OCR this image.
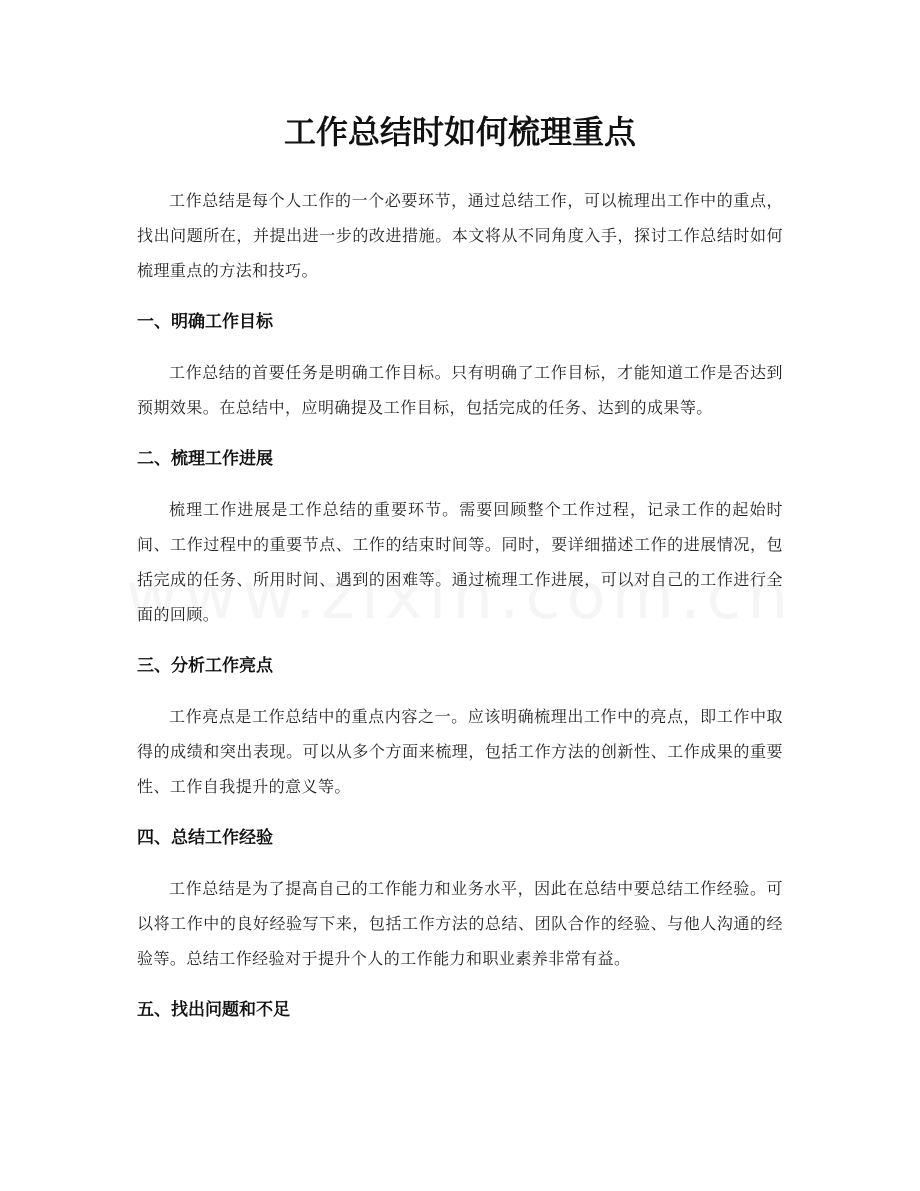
工作总结时如何梳理重点

工作总结是每个人工作的一个必要环节，通过总结工作，可以梳理出工作中的重点，找出问题所在，并提出进一步的改进措施。本文将从不同角度入手，探讨工作总结时如何梳理重点的方法和技巧。

一、明确工作目标

工作总结的首要任务是明确工作目标。只有明确了工作目标，才能知道工作是否达到预期效果。在总结中，应明确提及工作目标，包括完成的任务、达到的成果等。

二、梳理工作进展

梳理工作进展是工作总结的重要环节。需要回顾整个工作过程，记录工作的起始时间、工作过程中的重要节点、工作的结束时间等。同时，要详细描述工作的进展情况，包括完成的任务、所用时间、遇到的困难等。通过梳理工作进展，可以对自己的工作进行全面的回顾。

三、分析工作亮点

工作亮点是工作总结中的重点内容之一。应该明确梳理出工作中的亮点，即工作中取得的成绩和突出表现。可以从多个方面来梳理，包括工作方法的创新性、工作成果的重要性、工作自我提升的意义等。

四、总结工作经验

工作总结是为了提高自己的工作能力和业务水平，因此在总结中要总结工作经验。可以将工作中的良好经验写下来，包括工作方法的总结、团队合作的经验、与他人沟通的经验等。总结工作经验对于提升个人的工作能力和职业素养非常有益。

五、找出问题和不足
